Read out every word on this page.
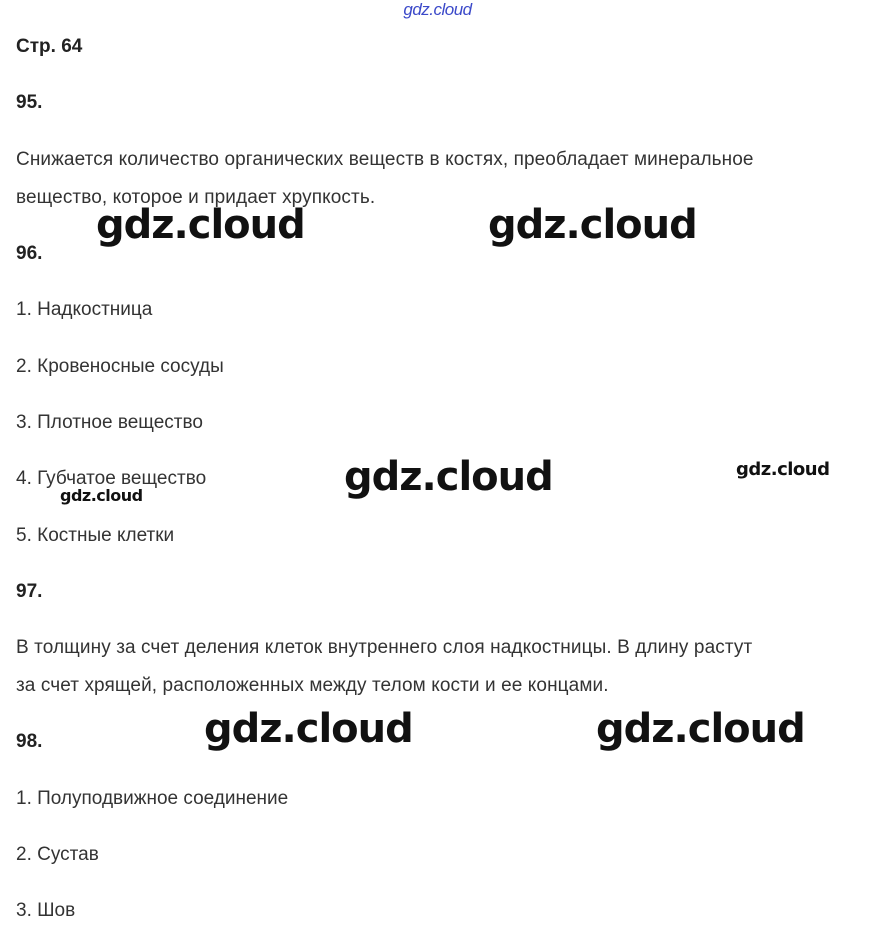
gdz.cloud
Стр. 64
95.
Снижается количество органических веществ в костях, преобладает минеральное
вещество, которое и придает хрупкость.
96.
1. Надкостница
2. Кровеносные сосуды
3. Плотное вещество
4. Губчатое вещество
5. Костные клетки
97.
В толщину за счет деления клеток внутреннего слоя надкостницы. В длину растут
за счет хрящей, расположенных между телом кости и ее концами.
98.
1. Полуподвижное соединение
2. Сустав
3. Шов
gdz.cloud	gdz.cloud
gdz.cloud	gdz.cloud
gdz.cloud
gdz.cloud	gdz.cloud
